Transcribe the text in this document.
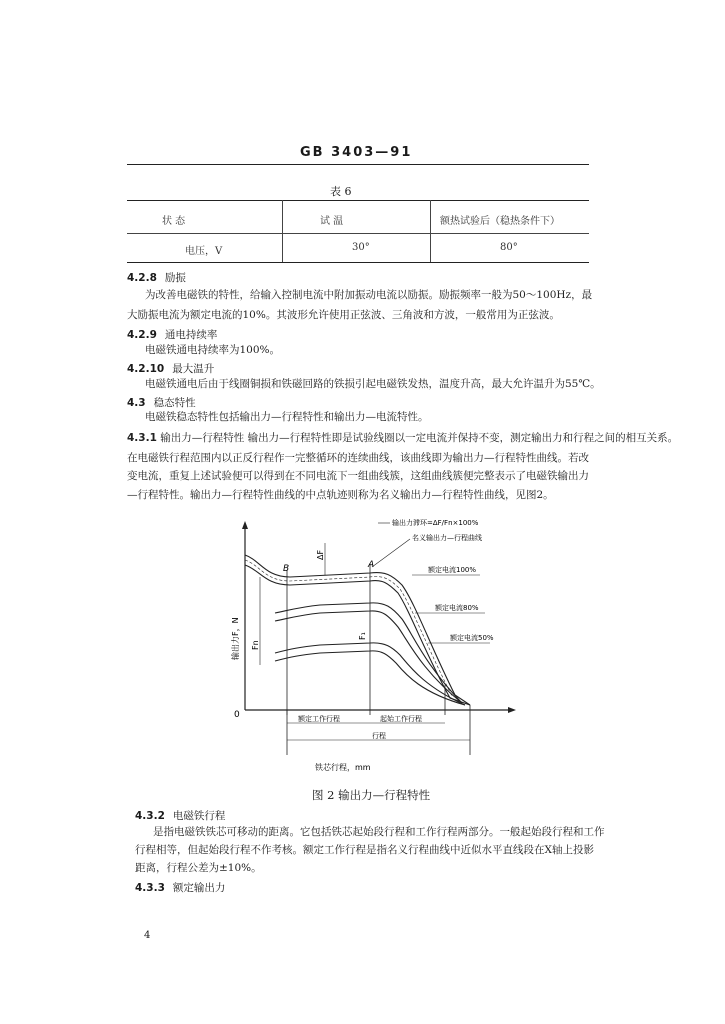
GB 3403—91
表 6
状 态	试 温	额热试验后（稳热条件下）
电压，V	30°	80°
4.2.8 励振
为改善电磁铁的特性，给输入控制电流中附加振动电流以励振。励振频率一般为50～100Hz，最
大励振电流为额定电流的10%。其波形允许使用正弦波、三角波和方波，一般常用为正弦波。
4.2.9 通电持续率
电磁铁通电持续率为100%。
4.2.10 最大温升
电磁铁通电后由于线圈铜损和铁磁回路的铁损引起电磁铁发热，温度升高，最大允许温升为55℃。
4.3 稳态特性
电磁铁稳态特性包括输出力—行程特性和输出力—电流特性。
4.3.1 输出力—行程特性 输出力—行程特性即是试验线圈以一定电流并保持不变，测定输出力和行程之间的相互关系。
在电磁铁行程范围内以正反行程作一完整循环的连续曲线，该曲线即为输出力—行程特性曲线。若改
变电流，重复上述试验便可以得到在不同电流下一组曲线簇，这组曲线簇便完整表示了电磁铁输出力
—行程特性。输出力—行程特性曲线的中点轨迹则称为名义输出力—行程特性曲线，见图2。
0
输出力F，N
铁芯行程，mm
Fn
F₁
ΔF
B	A
输出力滞环=ΔF/Fn×100%
名义输出力—行程曲线
额定电流100%
额定电流80%
额定电流50%
额定工作行程	起始工作行程
行程
图 2 输出力—行程特性
4.3.2 电磁铁行程
是指电磁铁铁芯可移动的距离。它包括铁芯起始段行程和工作行程两部分。一般起始段行程和工作
行程相等，但起始段行程不作考核。额定工作行程是指名义行程曲线中近似水平直线段在X轴上投影
距离，行程公差为±10%。
4.3.3 额定输出力
4
